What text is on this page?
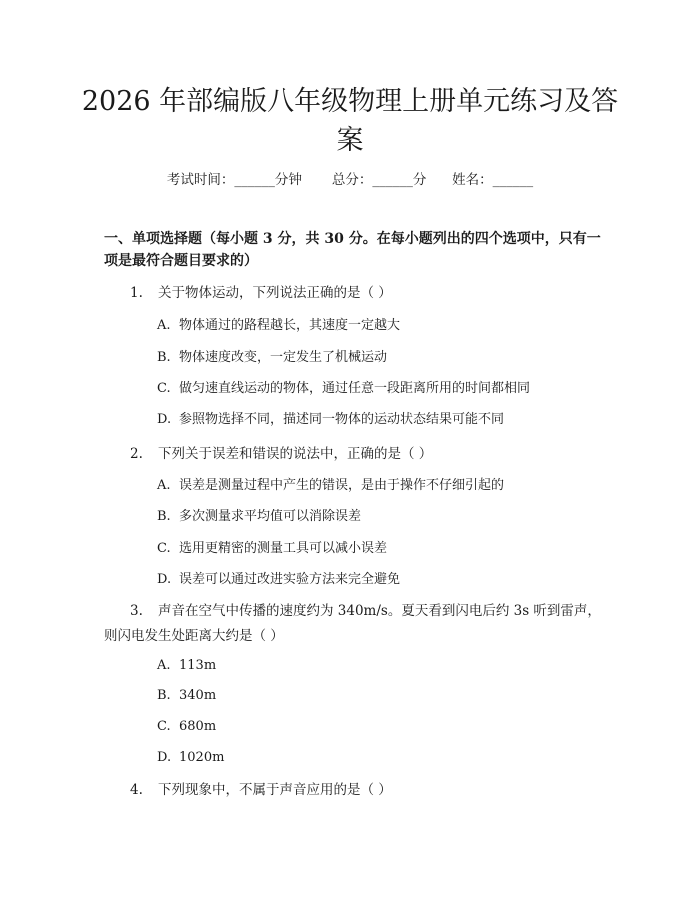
2026 年部编版八年级物理上册单元练习及答案
考试时间：______分钟 总分：______分 姓名：______

一、单项选择题（每小题 3 分，共 30 分。在每小题列出的四个选项中，只有一项是最符合题目要求的）

1. 关于物体运动，下列说法正确的是（ ）
A. 物体通过的路程越长，其速度一定越大
B. 物体速度改变，一定发生了机械运动
C. 做匀速直线运动的物体，通过任意一段距离所用的时间都相同
D. 参照物选择不同，描述同一物体的运动状态结果可能不同
2. 下列关于误差和错误的说法中，正确的是（ ）
A. 误差是测量过程中产生的错误，是由于操作不仔细引起的
B. 多次测量求平均值可以消除误差
C. 选用更精密的测量工具可以减小误差
D. 误差可以通过改进实验方法来完全避免
3. 声音在空气中传播的速度约为 340m/s。夏天看到闪电后约 3s 听到雷声，则闪电发生处距离大约是（ ）
A. 113m
B. 340m
C. 680m
D. 1020m
4. 下列现象中，不属于声音应用的是（ ）
